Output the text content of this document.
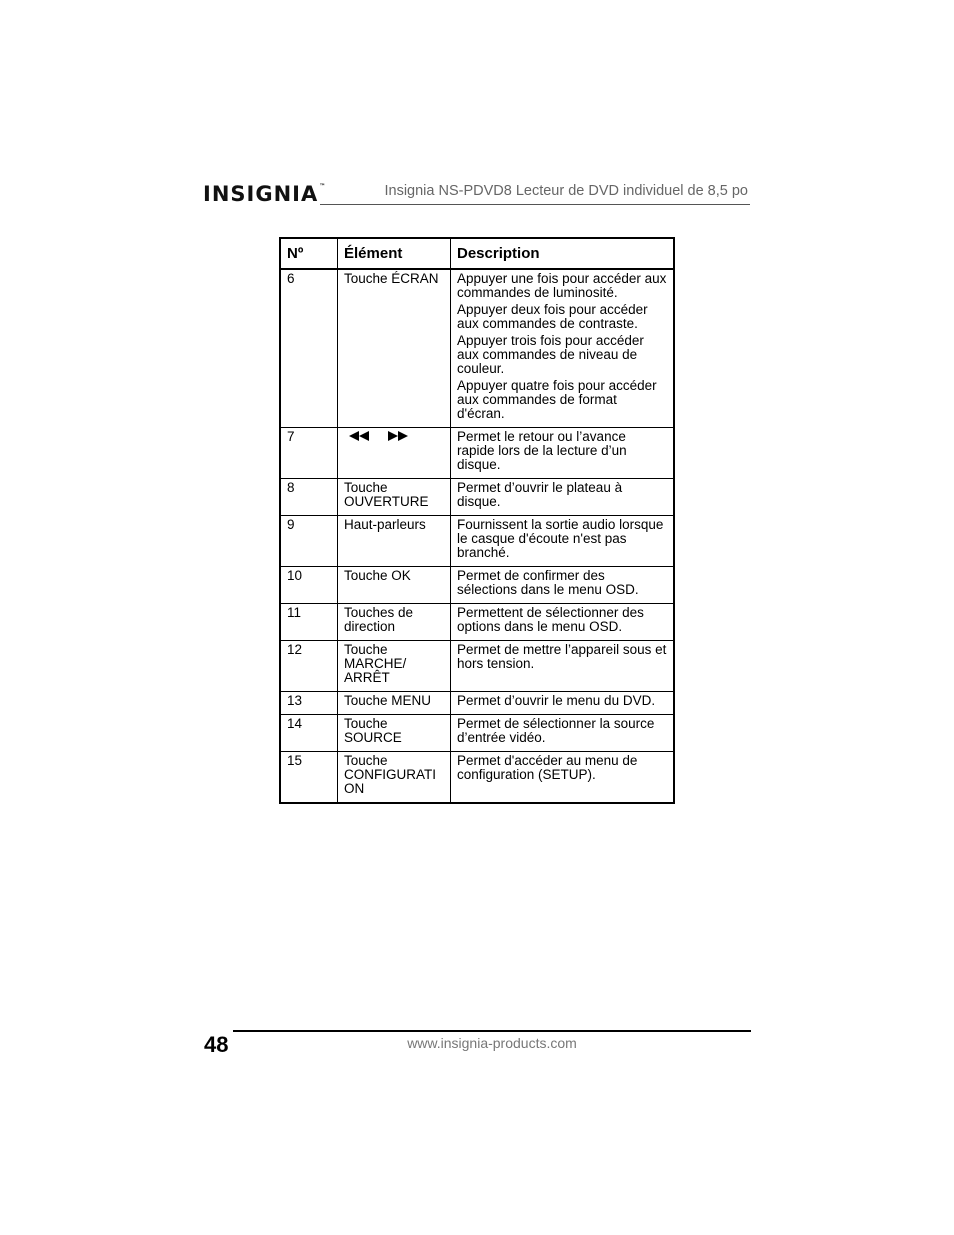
INSIGNIA™	Insignia NS-PDVD8 Lecteur de DVD individuel de 8,5 po
Nº	Élément	Description
6	Touche ÉCRAN	Appuyer une fois pour accéder aux commandes de luminosité.
Appuyer deux fois pour accéder aux commandes de contraste.
Appuyer trois fois pour accéder aux commandes de niveau de couleur.
Appuyer quatre fois pour accéder aux commandes de format d'écran.

7		Permet le retour ou l’avance rapide lors de la lecture d’un disque.

8	Touche OUVERTURE	Permet d’ouvrir le plateau à disque.

9	Haut-parleurs	Fournissent la sortie audio lorsque le casque d'écoute n'est pas branché.

10	Touche OK	Permet de confirmer des sélections dans le menu OSD.

11	Touches de direction	Permettent de sélectionner des options dans le menu OSD.

12	Touche MARCHE/ ARRÊT	Permet de mettre l’appareil sous et hors tension.

13	Touche MENU	Permet d’ouvrir le menu du DVD.

14	Touche SOURCE	Permet de sélectionner la source d’entrée vidéo.

15	Touche CONFIGURATI ON	Permet d'accéder au menu de configuration (SETUP).
48	www.insignia-products.com
